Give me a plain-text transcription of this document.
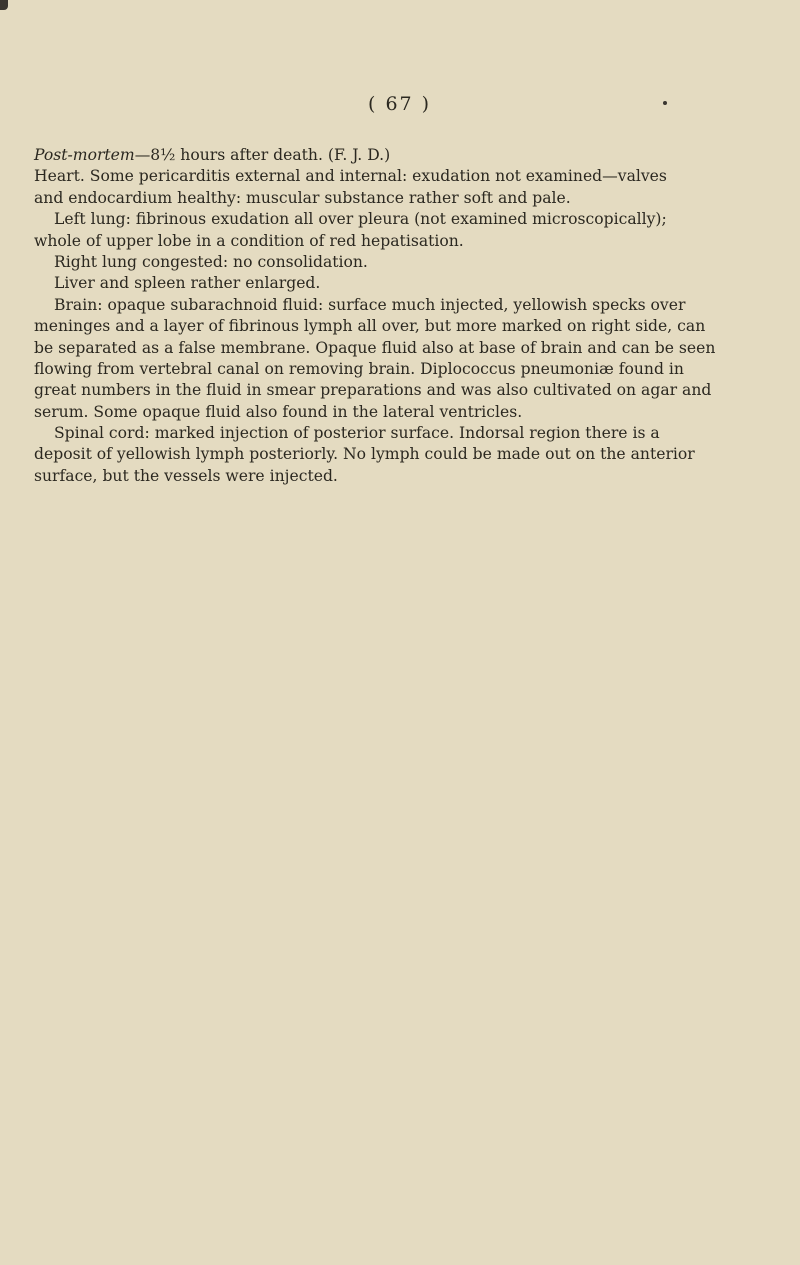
( 67 )
Post-mortem—8½ hours after death. (F. J. D.)
Heart. Some pericarditis external and internal: exudation not examined—valves
and endocardium healthy: muscular substance rather soft and pale.
Left lung: fibrinous exudation all over pleura (not examined microscopically);
whole of upper lobe in a condition of red hepatisation.
Right lung congested: no consolidation.
Liver and spleen rather enlarged.
Brain: opaque subarachnoid fluid: surface much injected, yellowish specks over
meninges and a layer of fibrinous lymph all over, but more marked on right side, can
be separated as a false membrane. Opaque fluid also at base of brain and can be seen
flowing from vertebral canal on removing brain. Diplococcus pneumoniæ found in
great numbers in the fluid in smear preparations and was also cultivated on agar and
serum. Some opaque fluid also found in the lateral ventricles.
Spinal cord: marked injection of posterior surface. Indorsal region there is a
deposit of yellowish lymph posteriorly. No lymph could be made out on the anterior
surface, but the vessels were injected.
